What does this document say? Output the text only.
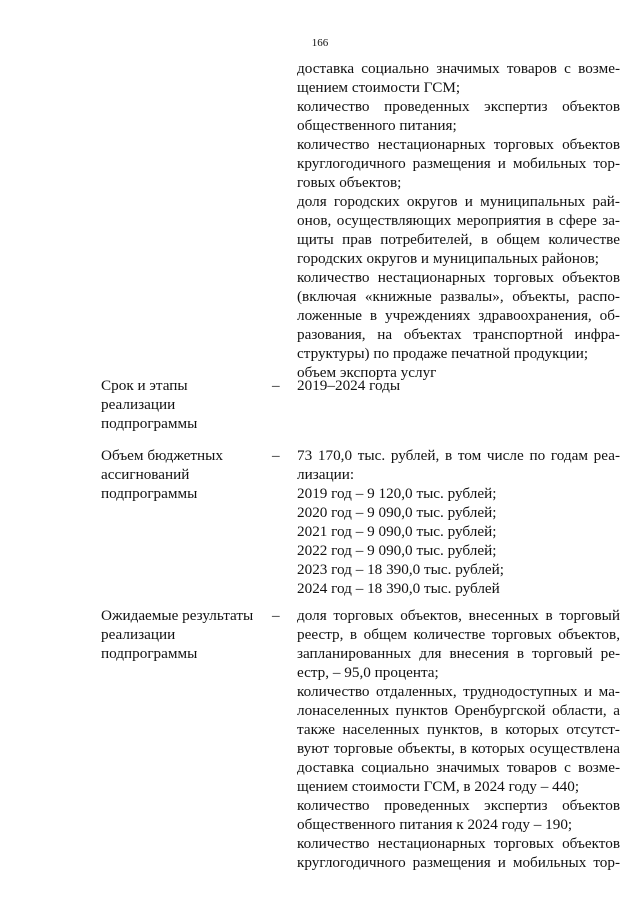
166
доставка социально значимых товаров с возме-
щением стоимости ГСМ;
количество проведенных экспертиз объектов
общественного питания;
количество нестационарных торговых объектов
круглогодичного размещения и мобильных тор-
говых объектов;
доля городских округов и муниципальных рай-
онов, осуществляющих мероприятия в сфере за-
щиты прав потребителей, в общем количестве
городских округов и муниципальных районов;
количество нестационарных торговых объектов
(включая «книжные развалы», объекты, распо-
ложенные в учреждениях здравоохранения, об-
разования, на объектах транспортной инфра-
структуры) по продаже печатной продукции;
объем экспорта услуг
Срок и этапы
реализации
подпрограммы
– 2019–2024 годы
Объем бюджетных
ассигнований
подпрограммы
– 73 170,0 тыс. рублей, в том числе по годам реа-
лизации:
2019 год – 9 120,0 тыс. рублей;
2020 год – 9 090,0 тыс. рублей;
2021 год – 9 090,0 тыс. рублей;
2022 год – 9 090,0 тыс. рублей;
2023 год – 18 390,0 тыс. рублей;
2024 год – 18 390,0 тыс. рублей
Ожидаемые результаты
реализации
подпрограммы
– доля торговых объектов, внесенных в торговый
реестр, в общем количестве торговых объектов,
запланированных для внесения в торговый ре-
естр, – 95,0 процента;
количество отдаленных, труднодоступных и ма-
лонаселенных пунктов Оренбургской области, а
также населенных пунктов, в которых отсутст-
вуют торговые объекты, в которых осуществлена
доставка социально значимых товаров с возме-
щением стоимости ГСМ, в 2024 году – 440;
количество проведенных экспертиз объектов
общественного питания к 2024 году – 190;
количество нестационарных торговых объектов
круглогодичного размещения и мобильных тор-
